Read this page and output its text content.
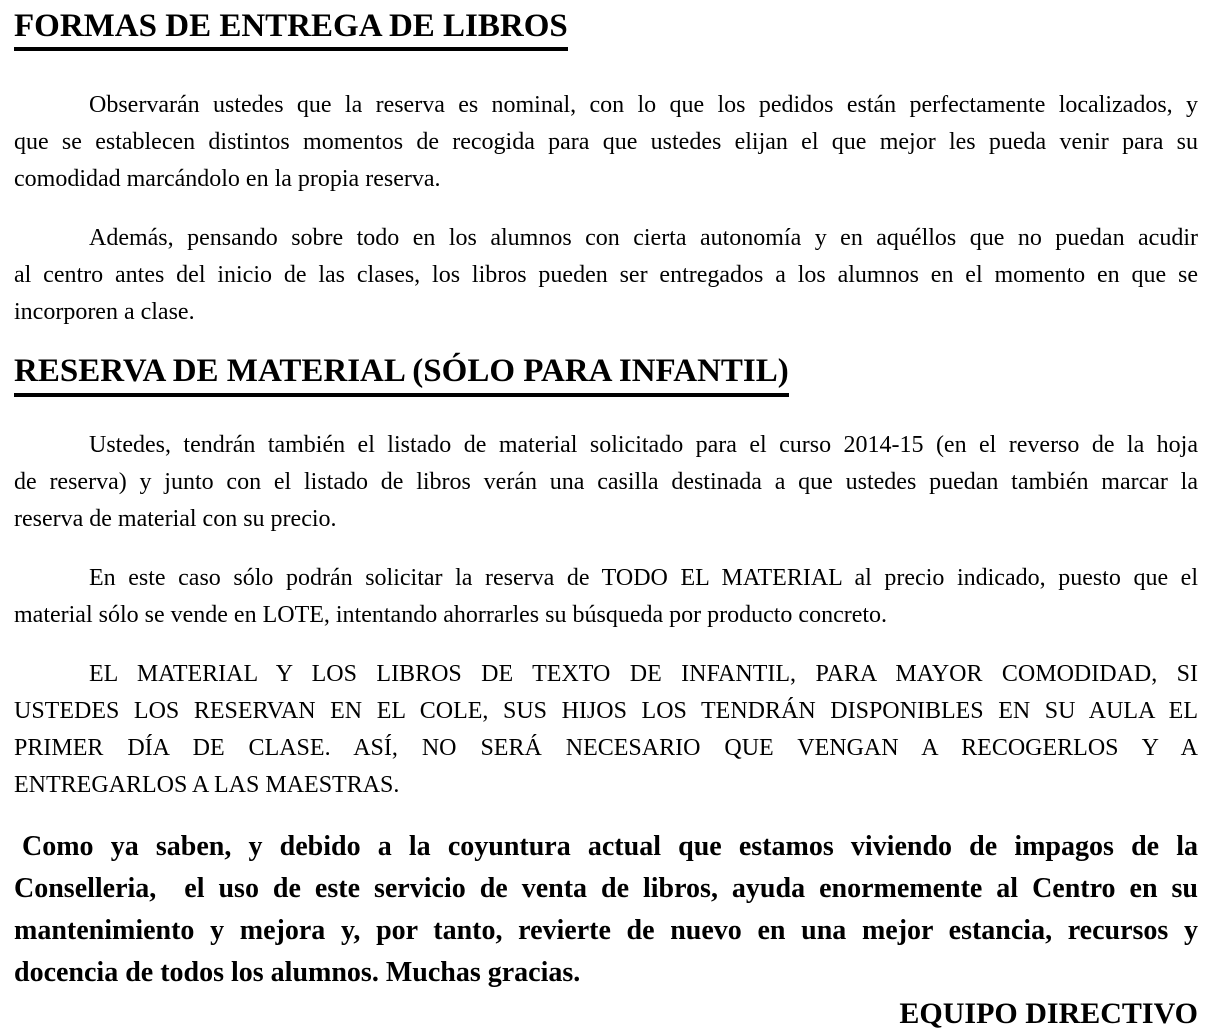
FORMAS DE ENTREGA DE LIBROS
Observarán ustedes que la reserva es nominal, con lo que los pedidos están perfectamente localizados, y
que se establecen distintos momentos de recogida para que ustedes elijan el que mejor les pueda venir para su
comodidad marcándolo en la propia reserva.
Además, pensando sobre todo en los alumnos con cierta autonomía y en aquéllos que no puedan acudir
al centro antes del inicio de las clases, los libros pueden ser entregados a los alumnos en el momento en que se
incorporen a clase.
RESERVA DE MATERIAL (SÓLO PARA INFANTIL)
Ustedes, tendrán también el listado de material solicitado para el curso 2014-15 (en el reverso de la hoja
de reserva) y junto con el listado de libros verán una casilla destinada a que ustedes puedan también marcar la
reserva de material con su precio.
En este caso sólo podrán solicitar la reserva de TODO EL MATERIAL al precio indicado, puesto que el
material sólo se vende en LOTE, intentando ahorrarles su búsqueda por producto concreto.
EL MATERIAL Y LOS LIBROS DE TEXTO DE INFANTIL, PARA MAYOR COMODIDAD, SI
USTEDES LOS RESERVAN EN EL COLE, SUS HIJOS LOS TENDRÁN DISPONIBLES EN SU AULA EL
PRIMER DÍA DE CLASE. ASÍ, NO SERÁ NECESARIO QUE VENGAN A RECOGERLOS Y A
ENTREGARLOS A LAS MAESTRAS.
Como ya saben, y debido a la coyuntura actual que estamos viviendo de impagos de la
Conselleria,  el uso de este servicio de venta de libros, ayuda enormemente al Centro en su
mantenimiento y mejora y, por tanto, revierte de nuevo en una mejor estancia, recursos y
docencia de todos los alumnos. Muchas gracias.

EQUIPO DIRECTIVO
